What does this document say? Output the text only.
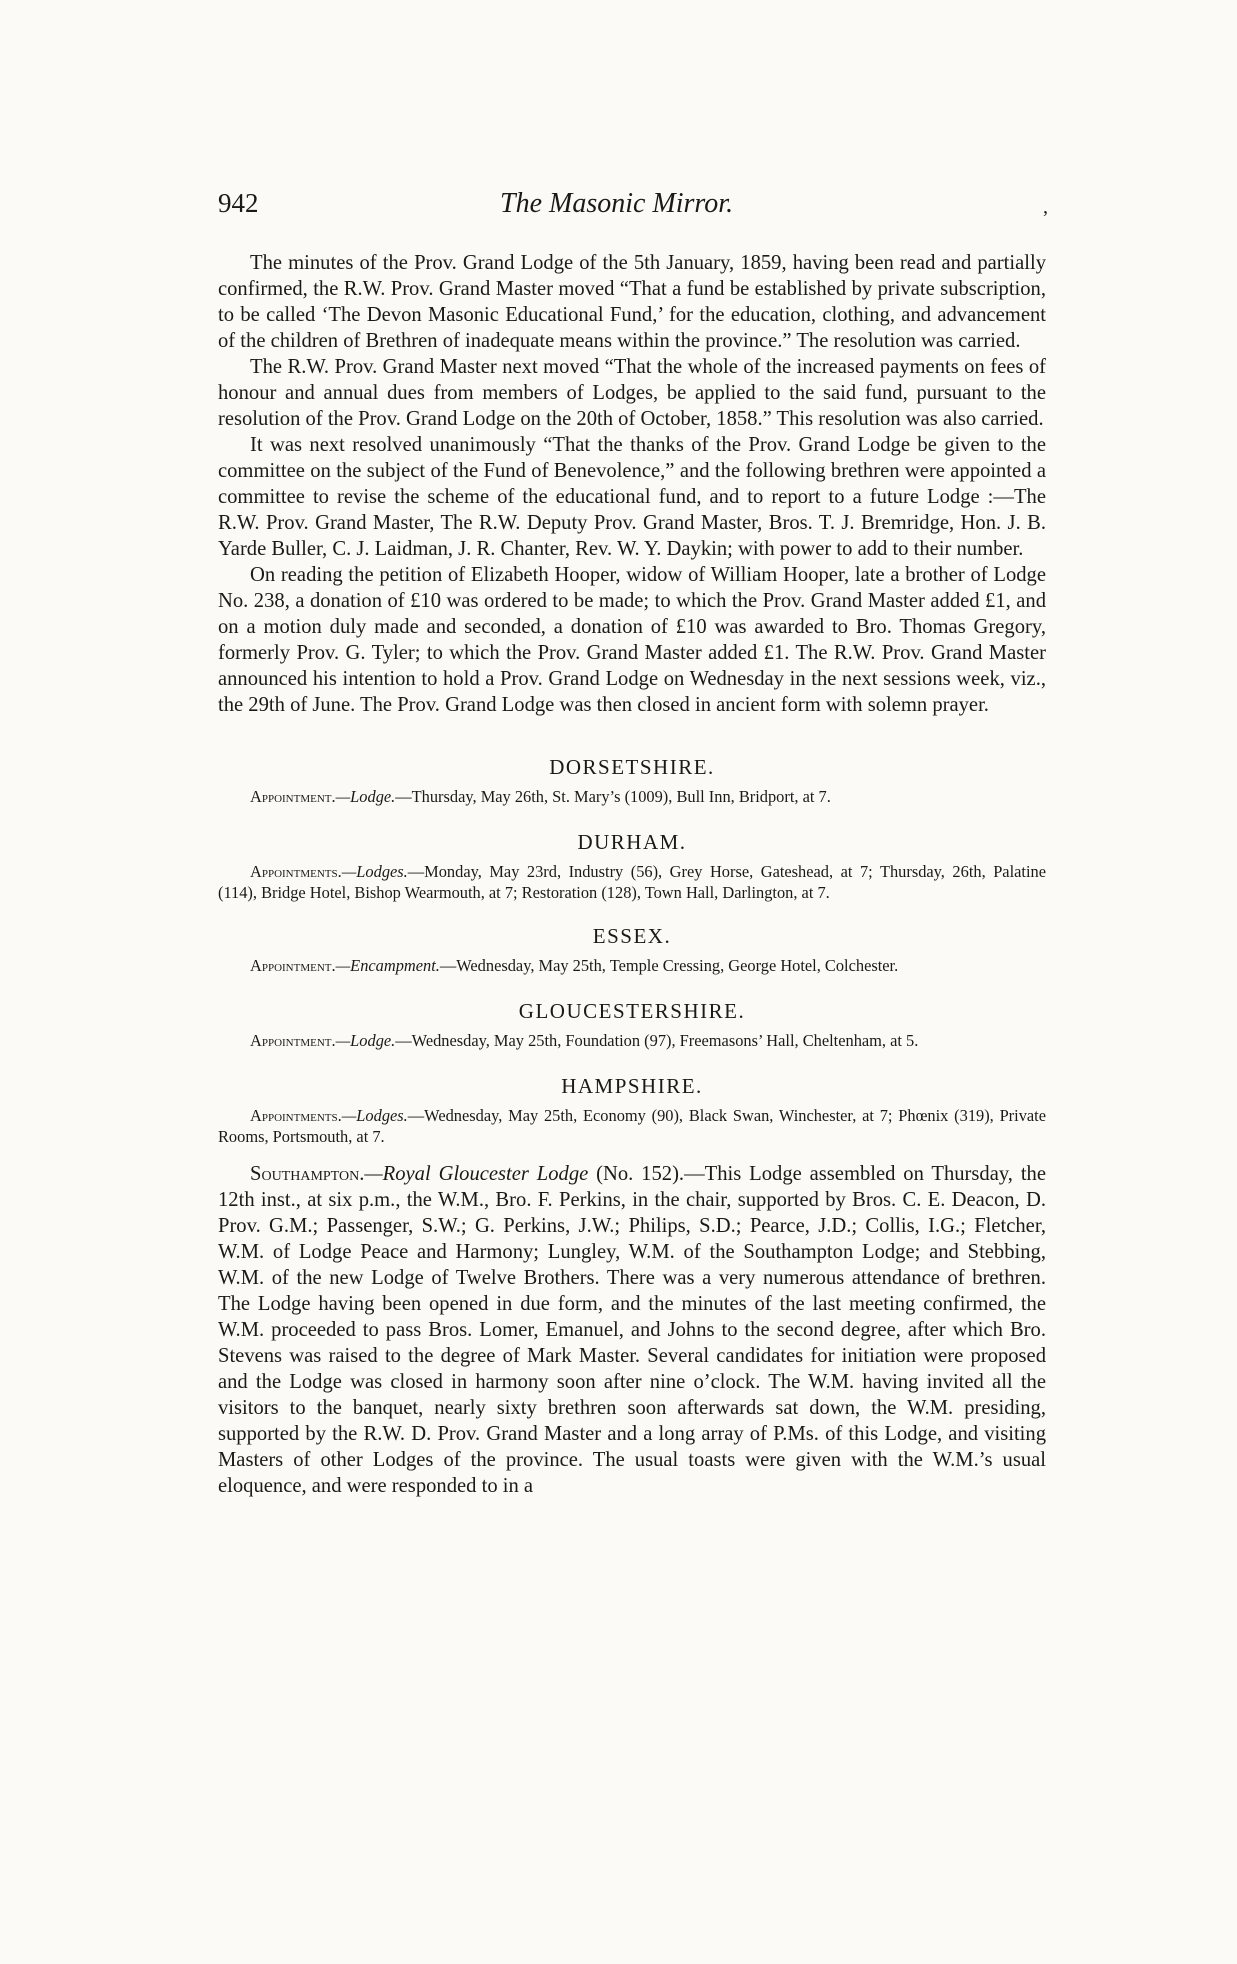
942	The Masonic Mirror.	,

The minutes of the Prov. Grand Lodge of the 5th January, 1859, having been read and partially confirmed, the R.W. Prov. Grand Master moved “That a fund be established by private subscription, to be called ‘The Devon Masonic Educational Fund,’ for the education, clothing, and advancement of the children of Brethren of inadequate means within the province.” The resolution was carried.

The R.W. Prov. Grand Master next moved “That the whole of the increased payments on fees of honour and annual dues from members of Lodges, be applied to the said fund, pursuant to the resolution of the Prov. Grand Lodge on the 20th of October, 1858.” This resolution was also carried.

It was next resolved unanimously “That the thanks of the Prov. Grand Lodge be given to the committee on the subject of the Fund of Benevolence,” and the following brethren were appointed a committee to revise the scheme of the educational fund, and to report to a future Lodge :—The R.W. Prov. Grand Master, The R.W. Deputy Prov. Grand Master, Bros. T. J. Bremridge, Hon. J. B. Yarde Buller, C. J. Laidman, J. R. Chanter, Rev. W. Y. Daykin; with power to add to their number.

On reading the petition of Elizabeth Hooper, widow of William Hooper, late a brother of Lodge No. 238, a donation of £10 was ordered to be made; to which the Prov. Grand Master added £1, and on a motion duly made and seconded, a donation of £10 was awarded to Bro. Thomas Gregory, formerly Prov. G. Tyler; to which the Prov. Grand Master added £1. The R.W. Prov. Grand Master announced his intention to hold a Prov. Grand Lodge on Wednesday in the next sessions week, viz., the 29th of June. The Prov. Grand Lodge was then closed in ancient form with solemn prayer.

DORSETSHIRE.
Appointment.—Lodge.—Thursday, May 26th, St. Mary’s (1009), Bull Inn, Bridport, at 7.
DURHAM.
Appointments.—Lodges.—Monday, May 23rd, Industry (56), Grey Horse, Gateshead, at 7; Thursday, 26th, Palatine (114), Bridge Hotel, Bishop Wearmouth, at 7; Restoration (128), Town Hall, Darlington, at 7.
ESSEX.
Appointment.—Encampment.—Wednesday, May 25th, Temple Cressing, George Hotel, Colchester.
GLOUCESTERSHIRE.
Appointment.—Lodge.—Wednesday, May 25th, Foundation (97), Freemasons’ Hall, Cheltenham, at 5.
HAMPSHIRE.
Appointments.—Lodges.—Wednesday, May 25th, Economy (90), Black Swan, Winchester, at 7; Phœnix (319), Private Rooms, Portsmouth, at 7.

Southampton.—Royal Gloucester Lodge (No. 152).—This Lodge assembled on Thursday, the 12th inst., at six p.m., the W.M., Bro. F. Perkins, in the chair, supported by Bros. C. E. Deacon, D. Prov. G.M.; Passenger, S.W.; G. Perkins, J.W.; Philips, S.D.; Pearce, J.D.; Collis, I.G.; Fletcher, W.M. of Lodge Peace and Harmony; Lungley, W.M. of the Southampton Lodge; and Stebbing, W.M. of the new Lodge of Twelve Brothers. There was a very numerous attendance of brethren. The Lodge having been opened in due form, and the minutes of the last meeting confirmed, the W.M. proceeded to pass Bros. Lomer, Emanuel, and Johns to the second degree, after which Bro. Stevens was raised to the degree of Mark Master. Several candidates for initiation were proposed and the Lodge was closed in harmony soon after nine o’clock. The W.M. having invited all the visitors to the banquet, nearly sixty brethren soon afterwards sat down, the W.M. presiding, supported by the R.W. D. Prov. Grand Master and a long array of P.Ms. of this Lodge, and visiting Masters of other Lodges of the province. The usual toasts were given with the W.M.’s usual eloquence, and were responded to in a
